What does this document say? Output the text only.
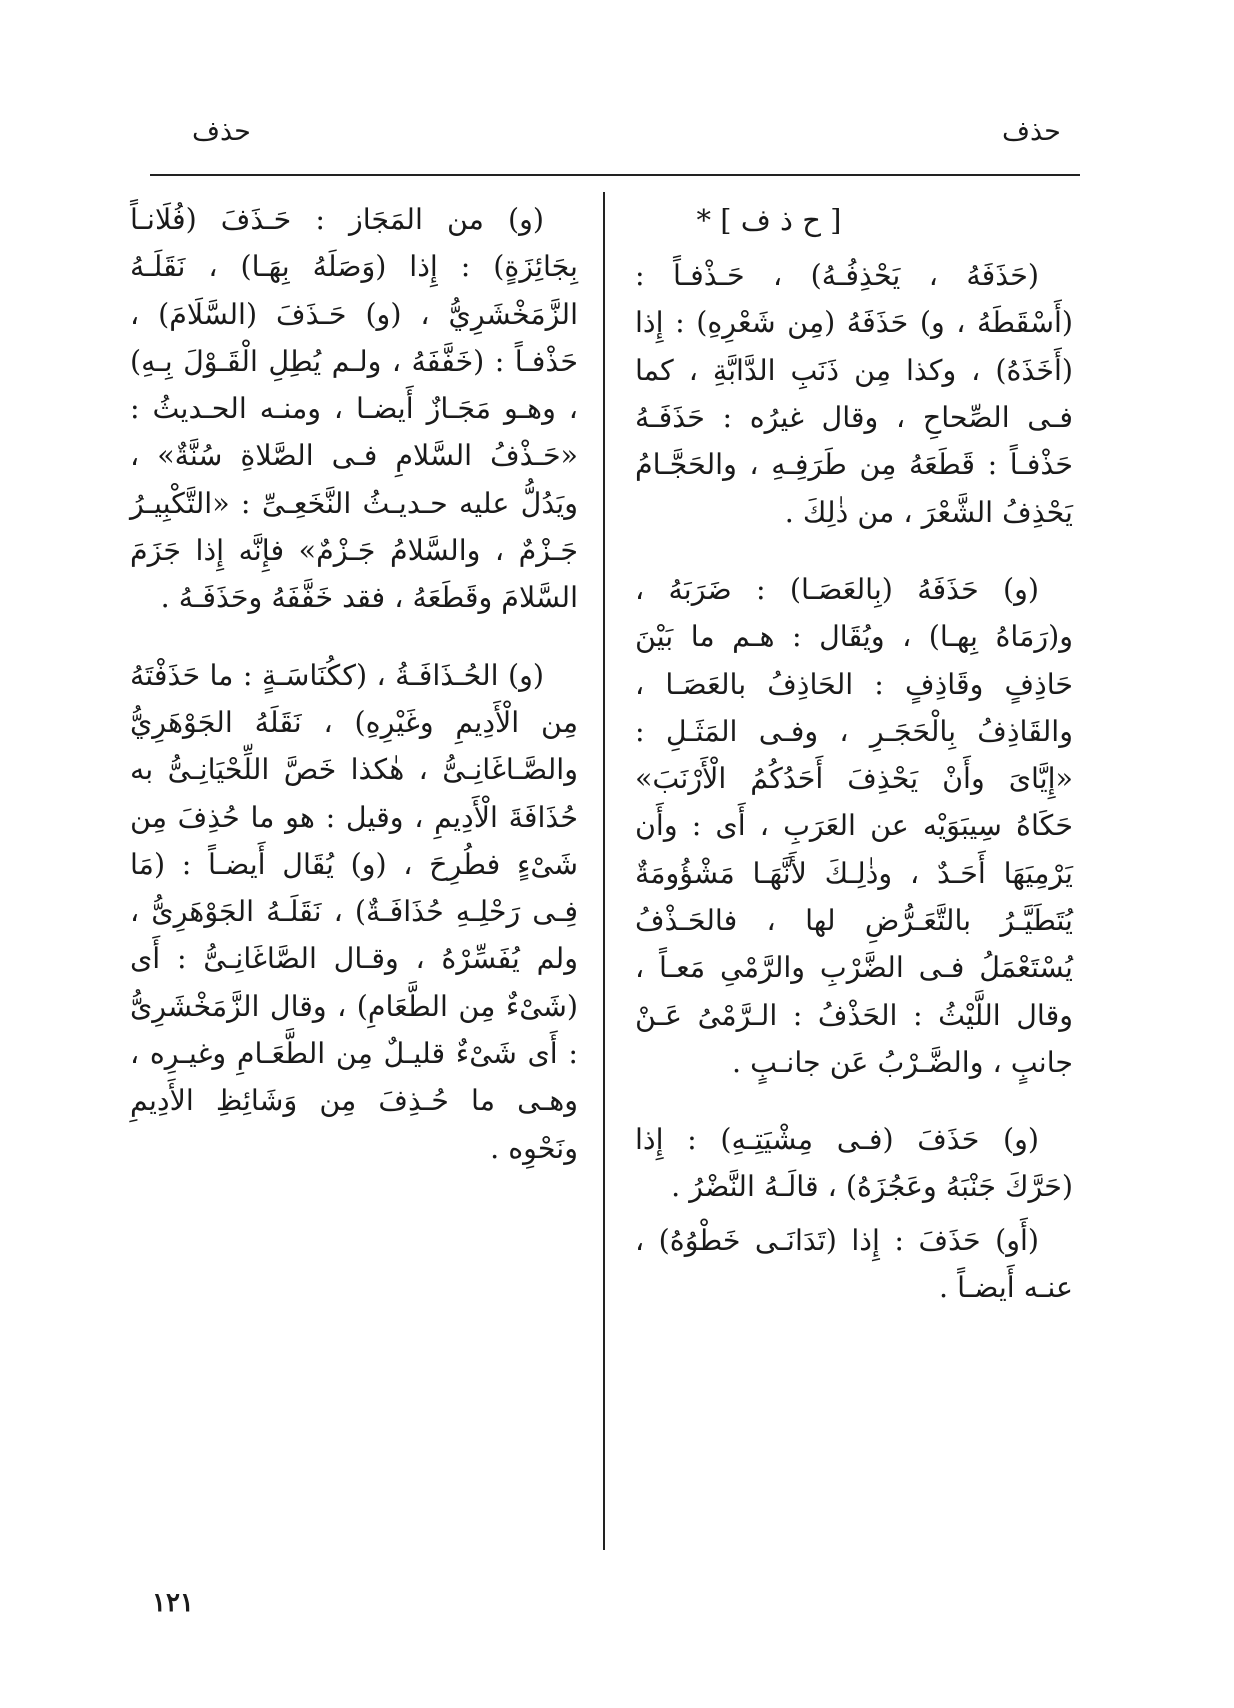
حذف
حذف
[ ح ذ ف ] *

(حَذَفَهُ ، يَحْذِفُـهُ) ، حَـذْفـاً : (أَسْقَطَهُ ، و) حَذَفَهُ (مِن شَعْرِهِ) : إِذا (أَخَذَهُ) ، وكذا مِن ذَنَبِ الدَّابَّةِ ، كما فـى الصِّحاحِ ، وقال غيرُه : حَذَفَـهُ حَذْفـاً : قَطَعَهُ مِن طَرَفِـهِ ، والحَجَّـامُ يَحْذِفُ الشَّعْرَ ، من ذٰلِكَ .

(و) حَذَفَهُ (بِالعَصَـا) : ضَرَبَهُ ، و(رَمَاهُ بِهـا) ، ويُقَال : هـم ما بَيْنَ حَاذِفٍ وقَاذِفٍ : الحَاذِفُ بالعَصَـا ، والقَاذِفُ بِالْحَجَـرِ ، وفـى المَثَـلِ : «إِيَّاىَ وأَنْ يَحْذِفَ أَحَدُكُمُ الْأَرْنَبَ» حَكَاهُ سِيبَوَيْه عن العَرَبِ ، أَى : وأَن يَرْمِيَهَا أَحَـدٌ ، وذٰلِـكَ لأَنَّهَـا مَشْؤُومَةٌ يُتَطَيَّـرُ بالتَّعَـرُّضِ لها ، فالحَـذْفُ يُسْتَعْمَلُ فـى الضَّرْبِ والرَّمْىِ مَعـاً ، وقال اللَّيْثُ : الحَذْفُ : الـرَّمْىُ عَـنْ جانبٍ ، والضَّـرْبُ عَن جانـبٍ .

(و) حَذَفَ (فـى مِشْيَتِـهِ) : إِذا (حَرَّكَ جَنْبَهُ وعَجُزَهُ) ، قالَـهُ النَّضْرُ .

(أَو) حَذَفَ : إِذا (تَدَانَـى خَطْوُهُ) ، عنـه أَيضـاً .

(و) من المَجَاز : حَـذَفَ (فُلَانـاً بِجَائِزَةٍ) : إِذا (وَصَلَهُ بِهَـا) ، نَقَلَـهُ الزَّمَخْشَرِيُّ ، (و) حَـذَفَ (السَّلَامَ) ، حَذْفـاً : (خَفَّفَهُ ، ولـم يُطِلِ الْقَـوْلَ بِـهِ) ، وهـو مَجَـازٌ أَيضـا ، ومنـه الحـديثُ : «حَـذْفُ السَّلامِ فـى الصَّلاةِ سُنَّةٌ» ، ويَدُلُّ عليه حـديـثُ النَّخَعِـىِّ : «التَّكْبِيـرُ جَـزْمٌ ، والسَّلامُ جَـزْمٌ» فإِنَّه إِذا جَزَمَ السَّلامَ وقَطَعَهُ ، فقد خَفَّفَهُ وحَذَفَـهُ .

(و) الحُـذَافَـةُ ، (ككُنَاسَـةٍ : ما حَذَفْتَهُ مِن الْأَدِيمِ وغَيْرِهِ) ، نَقَلَهُ الجَوْهَرِيُّ والصَّـاغَانِـىُّ ، هٰكذا خَصَّ اللِّحْيَانِـىُّ به حُذَافَةَ الْأَدِيمِ ، وقيل : هو ما حُذِفَ مِن شَىْءٍ فطُرِحَ ، (و) يُقَال أَيضـاً : (مَا فِـى رَحْلِـهِ حُذَافَـةٌ) ، نَقَلَـهُ الجَوْهَرِىُّ ، ولم يُفَسِّرْهُ ، وقـال الصَّاغَانِـىُّ : أَى (شَىْءٌ مِن الطَّعَامِ) ، وقال الزَّمَخْشَرِىُّ : أَى شَىْءٌ قليـلٌ مِن الطَّعَـامِ وغيـرِه ، وهـى ما حُـذِفَ مِن وَشَائِظِ الأَدِيمِ ونَحْوِه .

١٢١
